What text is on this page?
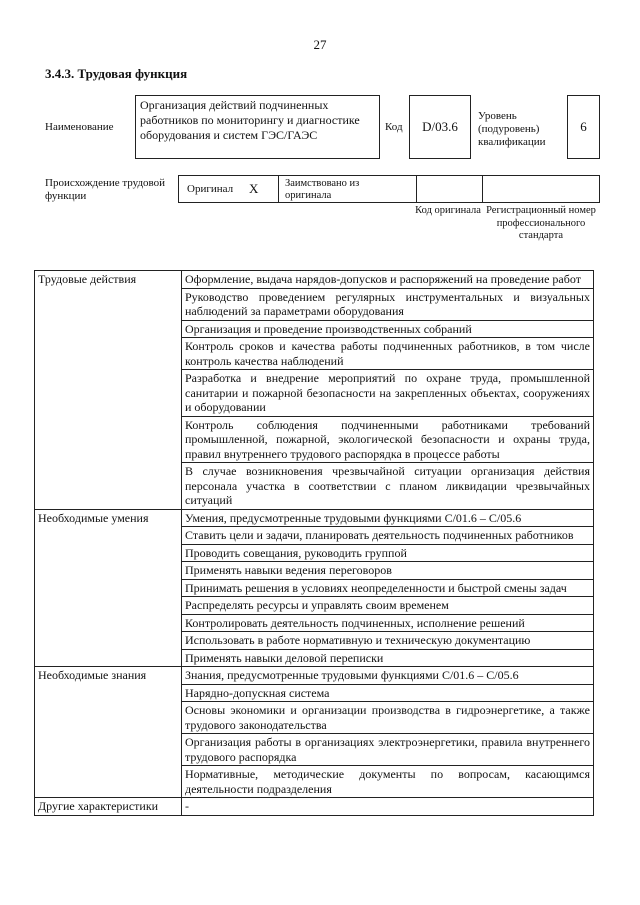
27
3.4.3. Трудовая функция
Наименование
Организация действий подчиненных работников по мониторингу и диагностике оборудования и систем ГЭС/ГАЭС
Код	D/03.6
Уровень (подуровень) квалификации
6
Происхождение трудовой функции
Оригинал X	Заимствовано из оригинала
Код оригинала Регистрационный номер профессионального стандарта
Трудовые действия	Оформление, выдача нарядов-допусков и распоряжений на проведение работ
	Руководство проведением регулярных инструментальных и визуальных наблюдений за параметрами оборудования
	Организация и проведение производственных собраний
	Контроль сроков и качества работы подчиненных работников, в том числе контроль качества наблюдений
	Разработка и внедрение мероприятий по охране труда, промышленной санитарии и пожарной безопасности на закрепленных объектах, сооружениях и оборудовании
	Контроль соблюдения подчиненными работниками требований промышленной, пожарной, экологической безопасности и охраны труда, правил внутреннего трудового распорядка в процессе работы
	В случае возникновения чрезвычайной ситуации организация действия персонала участка в соответствии с планом ликвидации чрезвычайных ситуаций
Необходимые умения	Умения, предусмотренные трудовыми функциями С/01.6 – С/05.6
	Ставить цели и задачи, планировать деятельность подчиненных работников
	Проводить совещания, руководить группой
	Применять навыки ведения переговоров
	Принимать решения в условиях неопределенности и быстрой смены задач
	Распределять ресурсы и управлять своим временем
	Контролировать деятельность подчиненных, исполнение решений
	Использовать в работе нормативную и техническую документацию
	Применять навыки деловой переписки
Необходимые знания	Знания, предусмотренные трудовыми функциями С/01.6 – С/05.6
	Нарядно-допускная система
	Основы экономики и организации производства в гидроэнергетике, а также трудового законодательства
	Организация работы в организациях электроэнергетики, правила внутреннего трудового распорядка
	Нормативные, методические документы по вопросам, касающимся деятельности подразделения
Другие характеристики	-
